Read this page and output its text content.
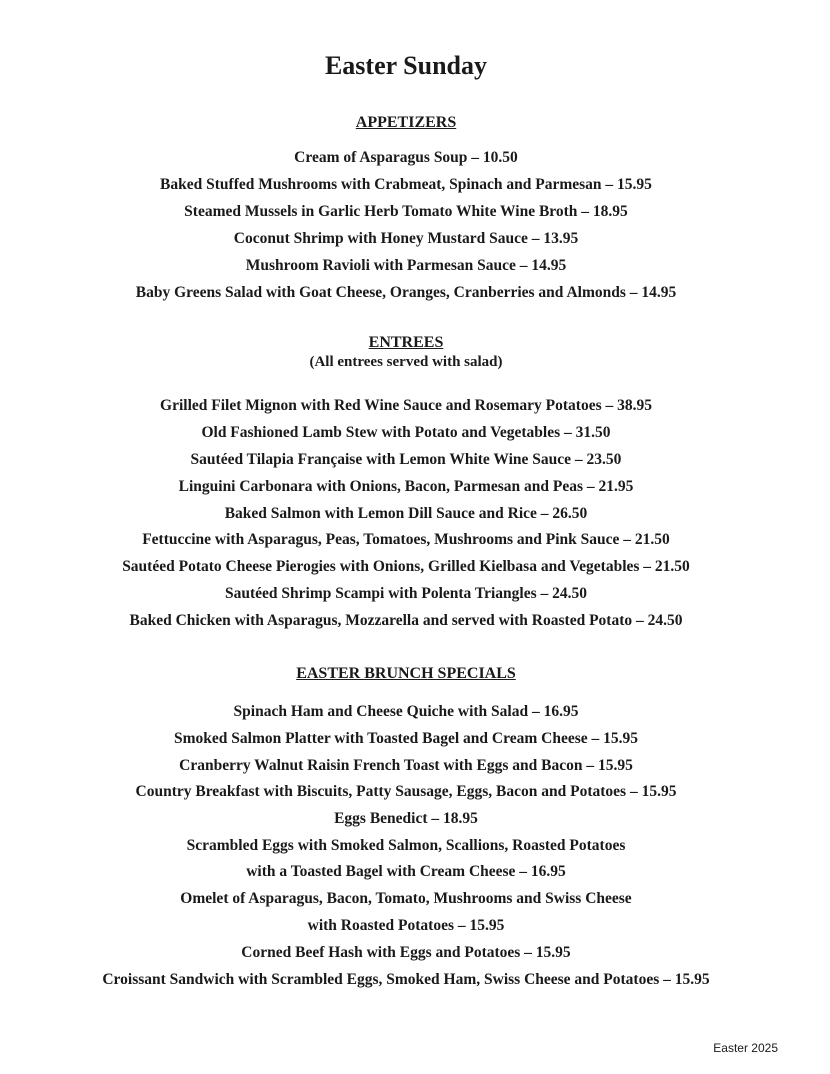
Easter Sunday
APPETIZERS
Cream of Asparagus Soup – 10.50
Baked Stuffed Mushrooms with Crabmeat, Spinach and Parmesan – 15.95
Steamed Mussels in Garlic Herb Tomato White Wine Broth – 18.95
Coconut Shrimp with Honey Mustard Sauce – 13.95
Mushroom Ravioli with Parmesan Sauce – 14.95
Baby Greens Salad with Goat Cheese, Oranges, Cranberries and Almonds – 14.95
ENTREES
(All entrees served with salad)
Grilled Filet Mignon with Red Wine Sauce and Rosemary Potatoes – 38.95
Old Fashioned Lamb Stew with Potato and Vegetables – 31.50
Sautéed Tilapia Française with Lemon White Wine Sauce – 23.50
Linguini Carbonara with Onions, Bacon, Parmesan and Peas – 21.95
Baked Salmon with Lemon Dill Sauce and Rice – 26.50
Fettuccine with Asparagus, Peas, Tomatoes, Mushrooms and Pink Sauce – 21.50
Sautéed Potato Cheese Pierogies with Onions, Grilled Kielbasa and Vegetables – 21.50
Sautéed Shrimp Scampi with Polenta Triangles – 24.50
Baked Chicken with Asparagus, Mozzarella and served with Roasted Potato – 24.50
EASTER BRUNCH SPECIALS
Spinach Ham and Cheese Quiche with Salad – 16.95
Smoked Salmon Platter with Toasted Bagel and Cream Cheese – 15.95
Cranberry Walnut Raisin French Toast with Eggs and Bacon – 15.95
Country Breakfast with Biscuits, Patty Sausage, Eggs, Bacon and Potatoes – 15.95
Eggs Benedict – 18.95
Scrambled Eggs with Smoked Salmon, Scallions, Roasted Potatoes
with a Toasted Bagel with Cream Cheese – 16.95
Omelet of Asparagus, Bacon, Tomato, Mushrooms and Swiss Cheese
with Roasted Potatoes – 15.95
Corned Beef Hash with Eggs and Potatoes – 15.95
Croissant Sandwich with Scrambled Eggs, Smoked Ham, Swiss Cheese and Potatoes – 15.95
Easter 2025
